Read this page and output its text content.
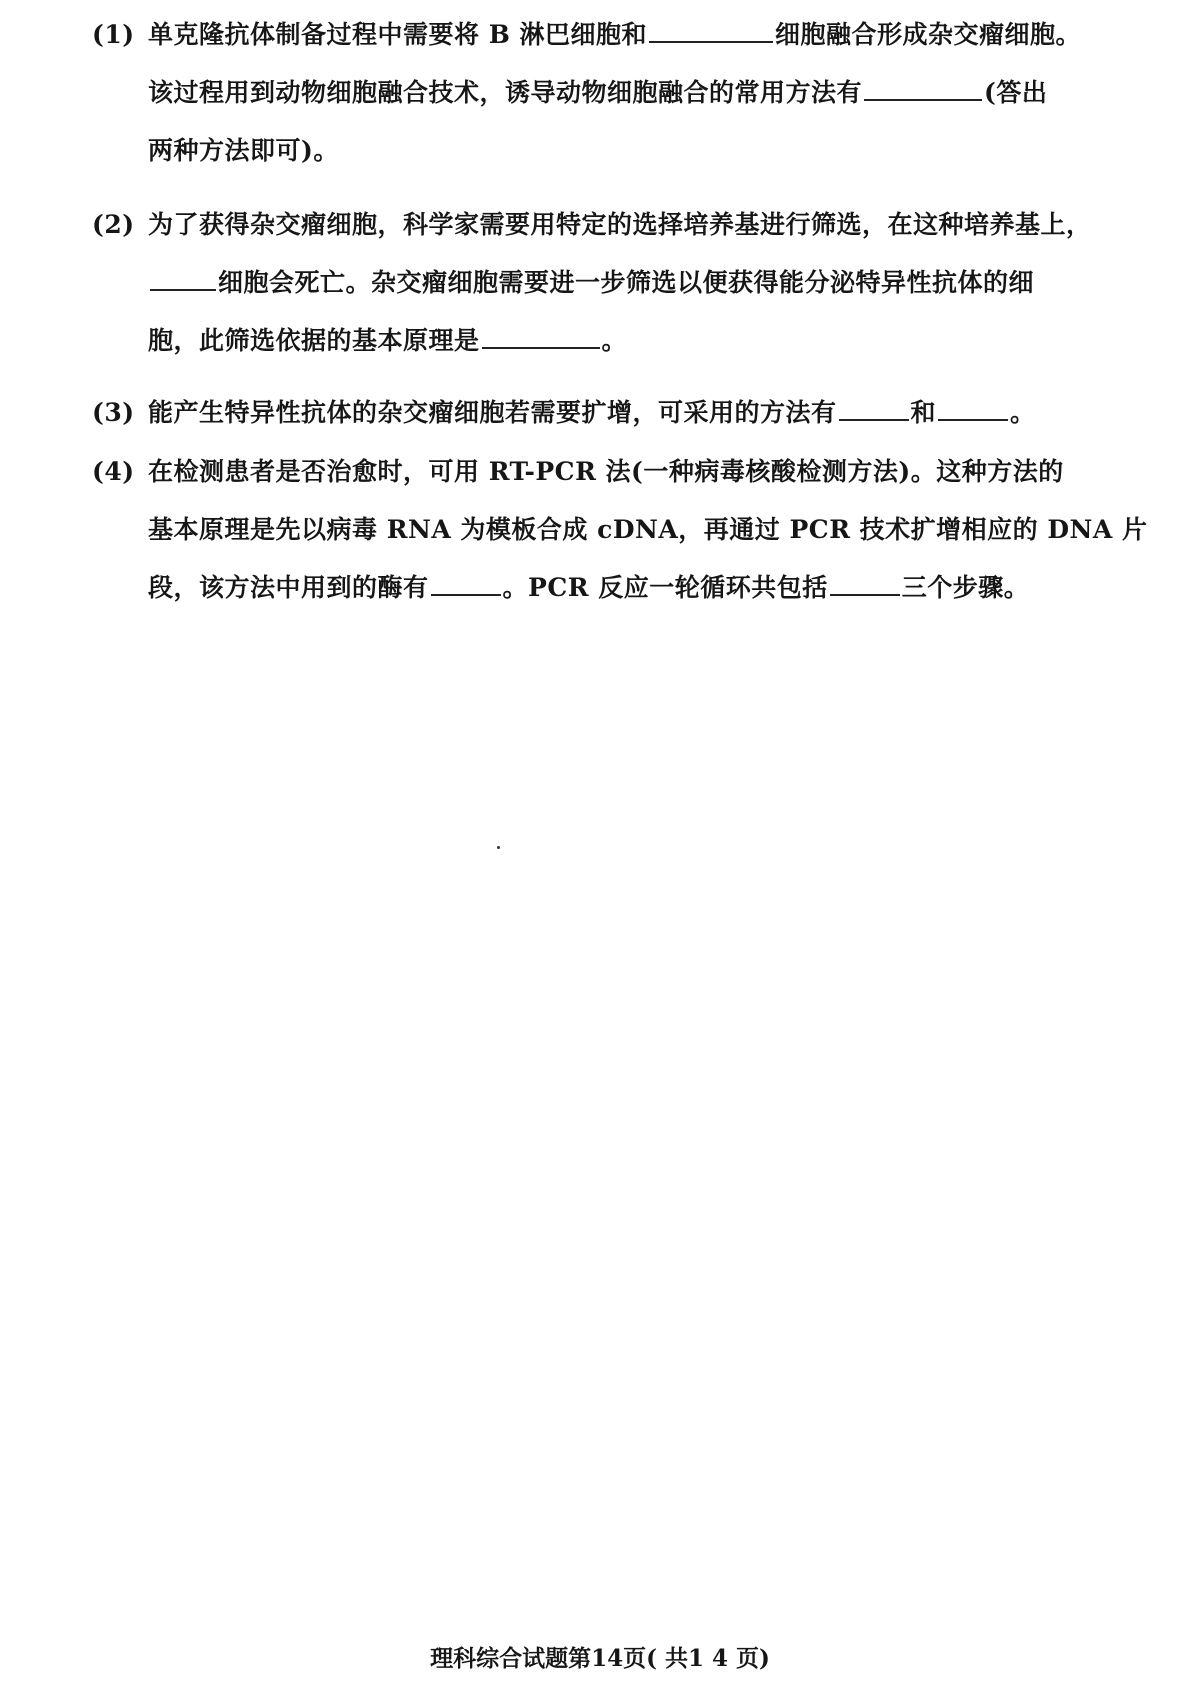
(1) 单克隆抗体制备过程中需要将 B 淋巴细胞和	细胞融合形成杂交瘤细胞。
该过程用到动物细胞融合技术，诱导动物细胞融合的常用方法有	(答出
两种方法即可)。
(2) 为了获得杂交瘤细胞，科学家需要用特定的选择培养基进行筛选，在这种培养基上，
细胞会死亡。杂交瘤细胞需要进一步筛选以便获得能分泌特异性抗体的细
胞，此筛选依据的基本原理是	。
(3) 能产生特异性抗体的杂交瘤细胞若需要扩增，可采用的方法有	和	。
(4) 在检测患者是否治愈时，可用 RT-PCR 法(一种病毒核酸检测方法)。这种方法的
基本原理是先以病毒 RNA 为模板合成 cDNA，再通过 PCR 技术扩增相应的 DNA 片
段，该方法中用到的酶有	。PCR 反应一轮循环共包括	三个步骤。
理科综合试题第14页( 共1 4 页)
